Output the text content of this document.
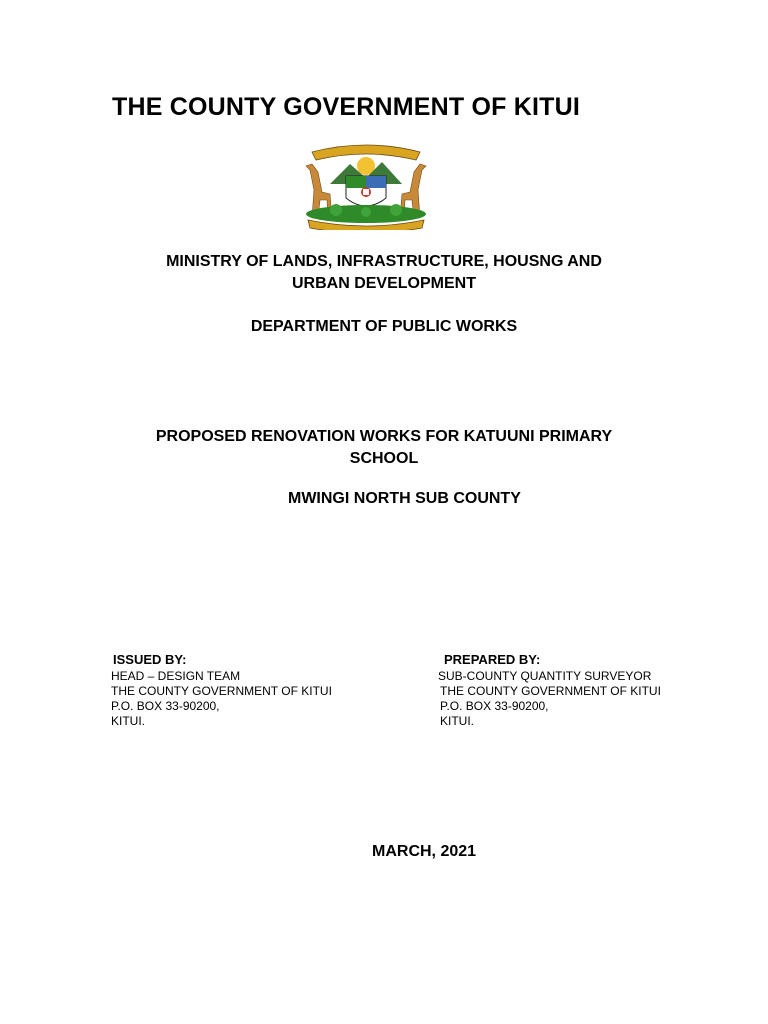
THE COUNTY GOVERNMENT OF KITUI
MINISTRY OF LANDS, INFRASTRUCTURE, HOUSNG AND
URBAN DEVELOPMENT
DEPARTMENT OF PUBLIC WORKS
PROPOSED RENOVATION WORKS FOR KATUUNI PRIMARY
SCHOOL
MWINGI NORTH SUB COUNTY
ISSUED BY:
HEAD – DESIGN TEAM
THE COUNTY GOVERNMENT OF KITUI
P.O. BOX 33-90200,
KITUI.
PREPARED BY:
SUB-COUNTY QUANTITY SURVEYOR
THE COUNTY GOVERNMENT OF KITUI
P.O. BOX 33-90200,
KITUI.
MARCH, 2021
